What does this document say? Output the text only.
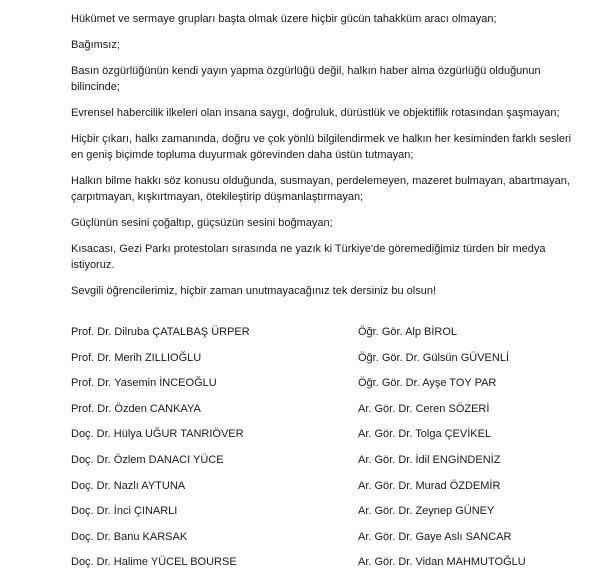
Hükümet ve sermaye grupları başta olmak üzere hiçbir gücün tahakküm aracı olmayan;

Bağımsız;

Basın özgürlüğünün kendi yayın yapma özgürlüğü değil, halkın haber alma özgürlüğü olduğunun bilincinde;

Evrensel habercilik ilkeleri olan insana saygı, doğruluk, dürüstlük ve objektiflik rotasından şaşmayan;

Hiçbir çıkarı, halkı zamanında, doğru ve çok yönlü bilgilendirmek ve halkın her kesiminden farklı sesleri en geniş biçimde topluma duyurmak görevinden daha üstün tutmayan;

Halkın bilme hakkı söz konusu olduğunda, susmayan, perdelemeyen, mazeret bulmayan, abartmayan, çarpıtmayan, kışkırtmayan, ötekileştirip düşmanlaştırmayan;

Güçlünün sesini çoğaltıp, güçsüzün sesini boğmayan;

Kısacası, Gezi Parkı protestoları sırasında ne yazık ki Türkiye'de göremediğimiz türden bir medya istiyoruz.

Sevgili öğrencilerimiz, hiçbir zaman unutmayacağınız tek dersiniz bu olsun!

Prof. Dr. Dilruba ÇATALBAŞ ÜRPER
Prof. Dr. Merih ZILLIOĞLU
Prof. Dr. Yasemin İNCEOĞLU
Prof. Dr. Özden CANKAYA
Doç. Dr. Hülya UĞUR TANRIÖVER
Doç. Dr. Özlem DANACI YÜCE
Doç. Dr. Nazlı AYTUNA
Doç. Dr. İnci ÇINARLI
Doç. Dr. Banu KARSAK
Doç. Dr. Halime YÜCEL BOURSE
Öğr. Gör. Alp BİROL
Öğr. Gör. Dr. Gülsün GÜVENLİ
Öğr. Gör. Dr. Ayşe TOY PAR
Ar. Gör. Dr. Ceren SÖZERİ
Ar. Gör. Dr. Tolga ÇEVİKEL
Ar. Gör. Dr. İdil ENGİNDENİZ
Ar. Gör. Dr. Murad ÖZDEMİR
Ar. Gör. Dr. Zeynep GÜNEY
Ar. Gör. Dr. Gaye Aslı SANCAR
Ar. Gör. Dr. Vidan MAHMUTOĞLU
